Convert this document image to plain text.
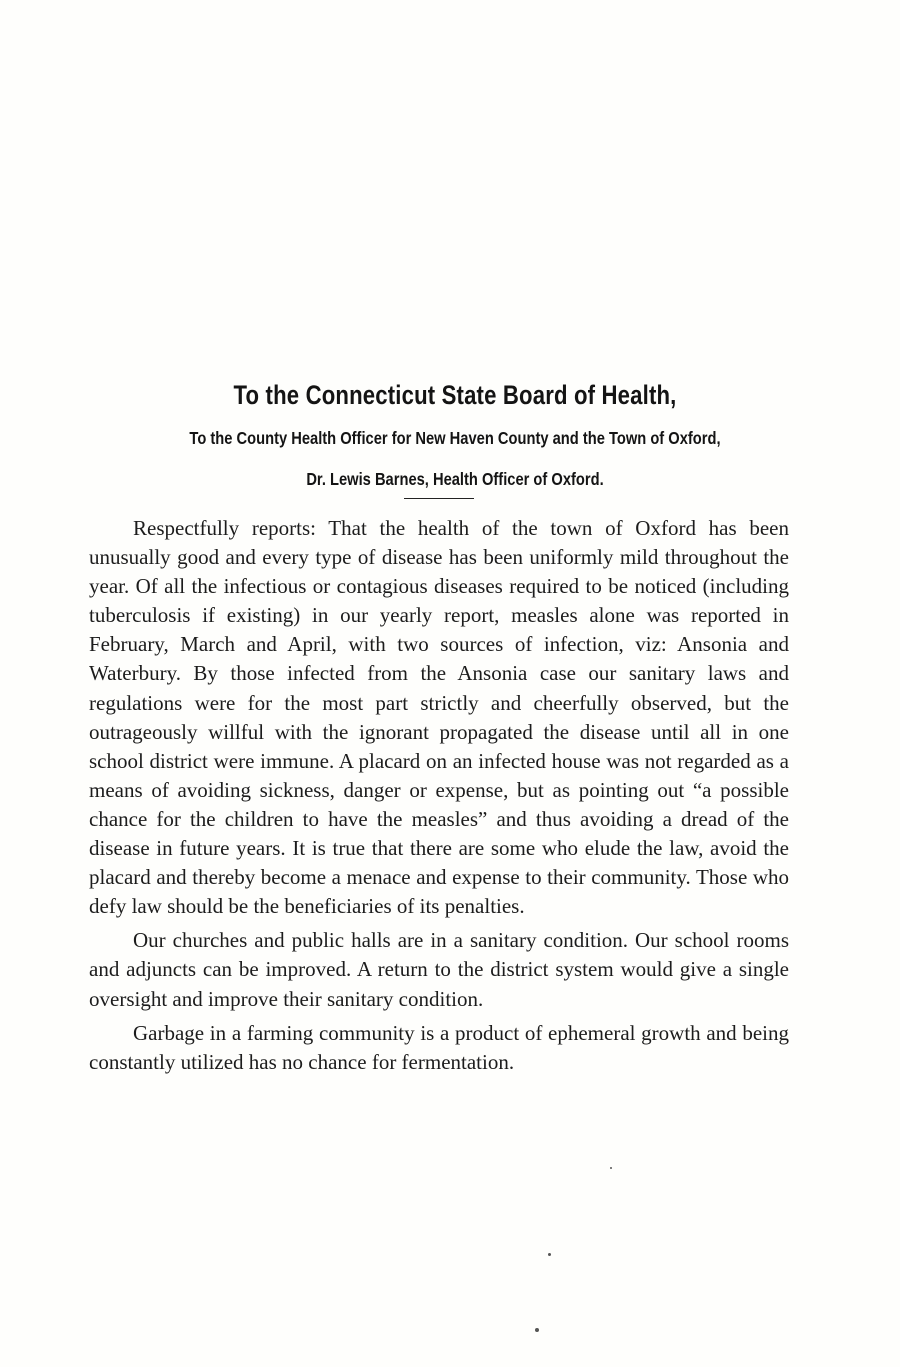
To the Connecticut State Board of Health,
To the County Health Officer for New Haven County and the Town of Oxford,
Dr. Lewis Barnes, Health Officer of Oxford.

Respectfully reports: That the health of the town of Oxford has been unusually good and every type of disease has been uniformly mild throughout the year. Of all the infectious or contagious diseases required to be noticed (including tuberculosis if existing) in our yearly report, measles alone was reported in February, March and April, with two sources of infection, viz: Ansonia and Waterbury. By those infected from the Ansonia case our sanitary laws and regulations were for the most part strictly and cheerfully observed, but the outrageously willful with the ignorant propagated the disease until all in one school district were immune. A placard on an infected house was not regarded as a means of avoiding sickness, danger or expense, but as pointing out “a possible chance for the children to have the measles” and thus avoiding a dread of the disease in future years. It is true that there are some who elude the law, avoid the placard and thereby become a menace and expense to their community. Those who defy law should be the beneficiaries of its penalties.

Our churches and public halls are in a sanitary condition. Our school rooms and adjuncts can be improved. A return to the district system would give a single oversight and improve their sanitary condition.

Garbage in a farming community is a product of ephemeral growth and being constantly utilized has no chance for fermentation.
